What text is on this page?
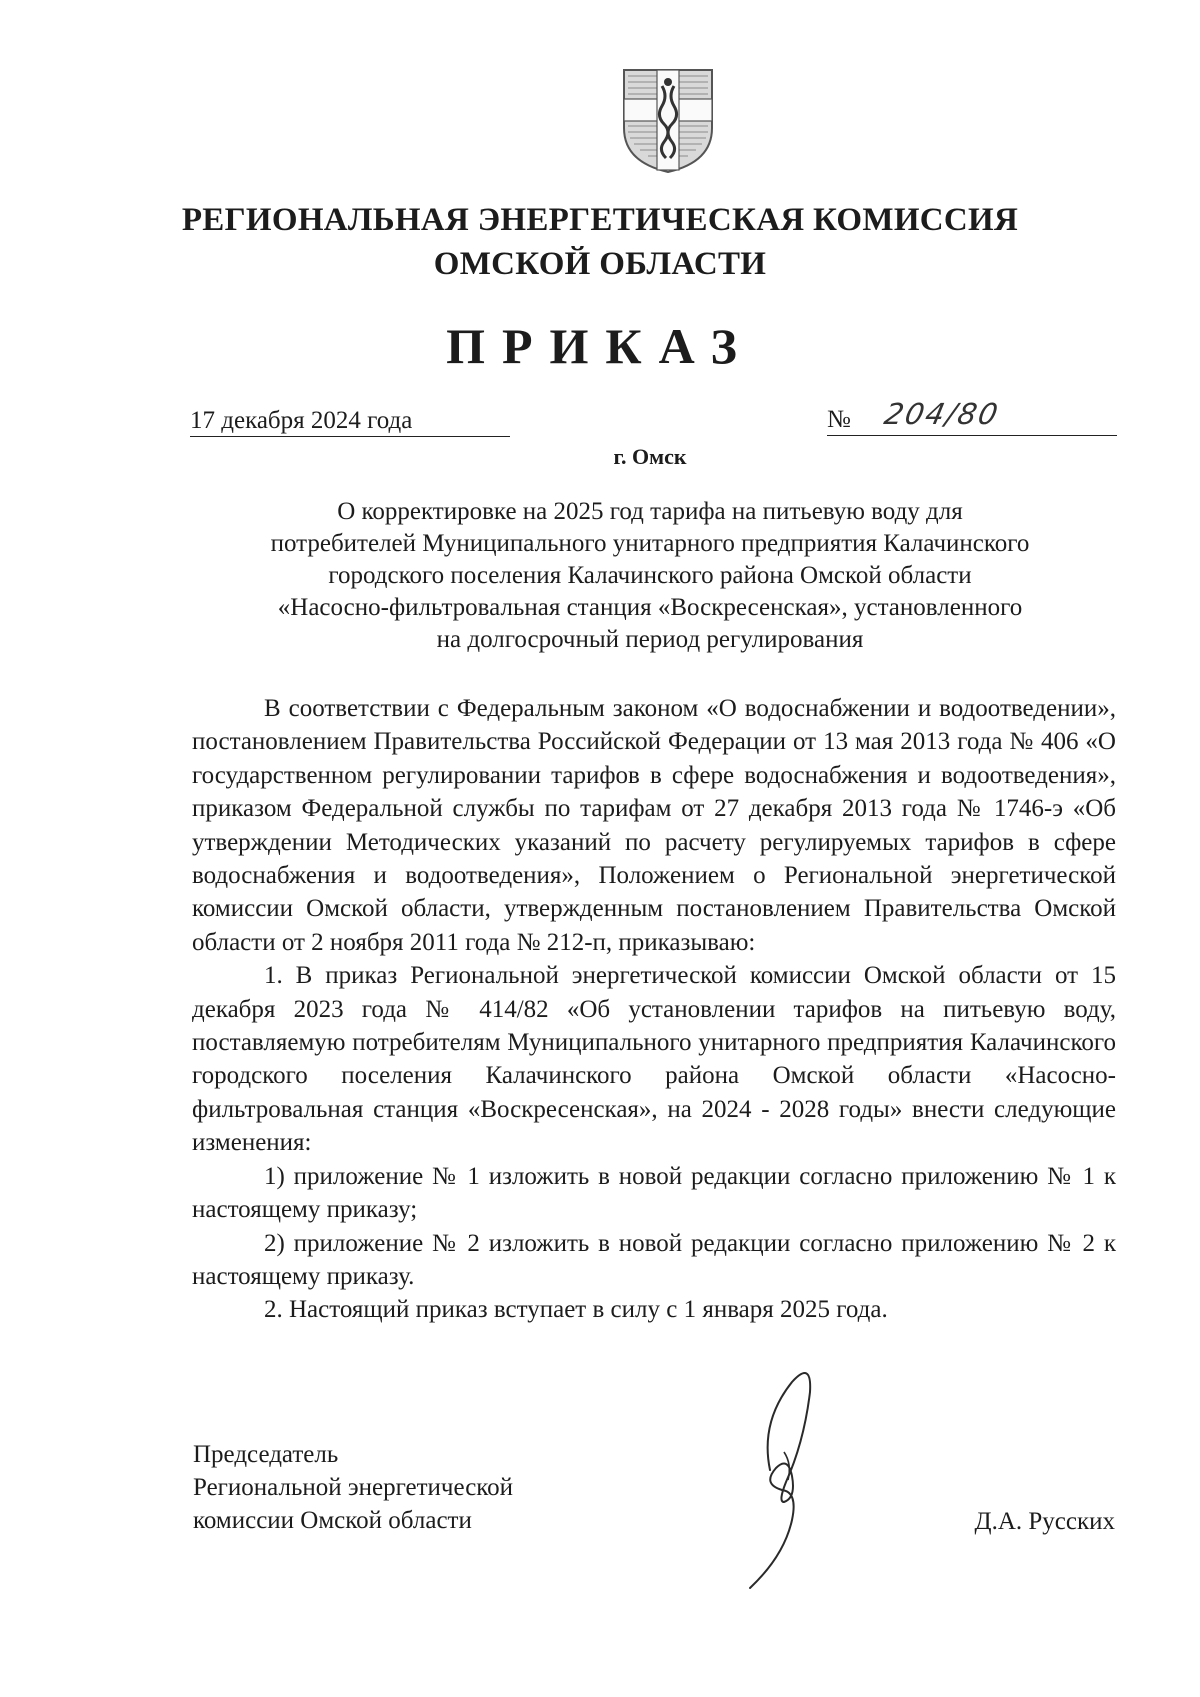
РЕГИОНАЛЬНАЯ ЭНЕРГЕТИЧЕСКАЯ КОМИССИЯ
ОМСКОЙ ОБЛАСТИ
ПРИКАЗ
17 декабря 2024 года	№ 204/80
г. Омск
О корректировке на 2025 год тарифа на питьевую воду для
потребителей Муниципального унитарного предприятия Калачинского
городского поселения Калачинского района Омской области
«Насосно-фильтровальная станция «Воскресенская», установленного
на долгосрочный период регулирования

В соответствии с Федеральным законом «О водоснабжении и водоотведении», постановлением Правительства Российской Федерации от 13 мая 2013 года № 406 «О государственном регулировании тарифов в сфере водоснабжения и водоотведения», приказом Федеральной службы по тарифам от 27 декабря 2013 года № 1746-э «Об утверждении Методических указаний по расчету регулируемых тарифов в сфере водоснабжения и водоотведения», Положением о Региональной энергетической комиссии Омской области, утвержденным постановлением Правительства Омской области от 2 ноября 2011 года № 212-п, приказываю:

1. В приказ Региональной энергетической комиссии Омской области от 15 декабря 2023 года № 414/82 «Об установлении тарифов на питьевую воду, поставляемую потребителям Муниципального унитарного предприятия Калачинского городского поселения Калачинского района Омской области «Насосно-фильтровальная станция «Воскресенская», на 2024 - 2028 годы» внести следующие изменения:

1) приложение № 1 изложить в новой редакции согласно приложению № 1 к настоящему приказу;

2) приложение № 2 изложить в новой редакции согласно приложению № 2 к настоящему приказу.

2. Настоящий приказ вступает в силу с 1 января 2025 года.

Председатель
Региональной энергетической
комиссии Омской области	Д.А. Русских
